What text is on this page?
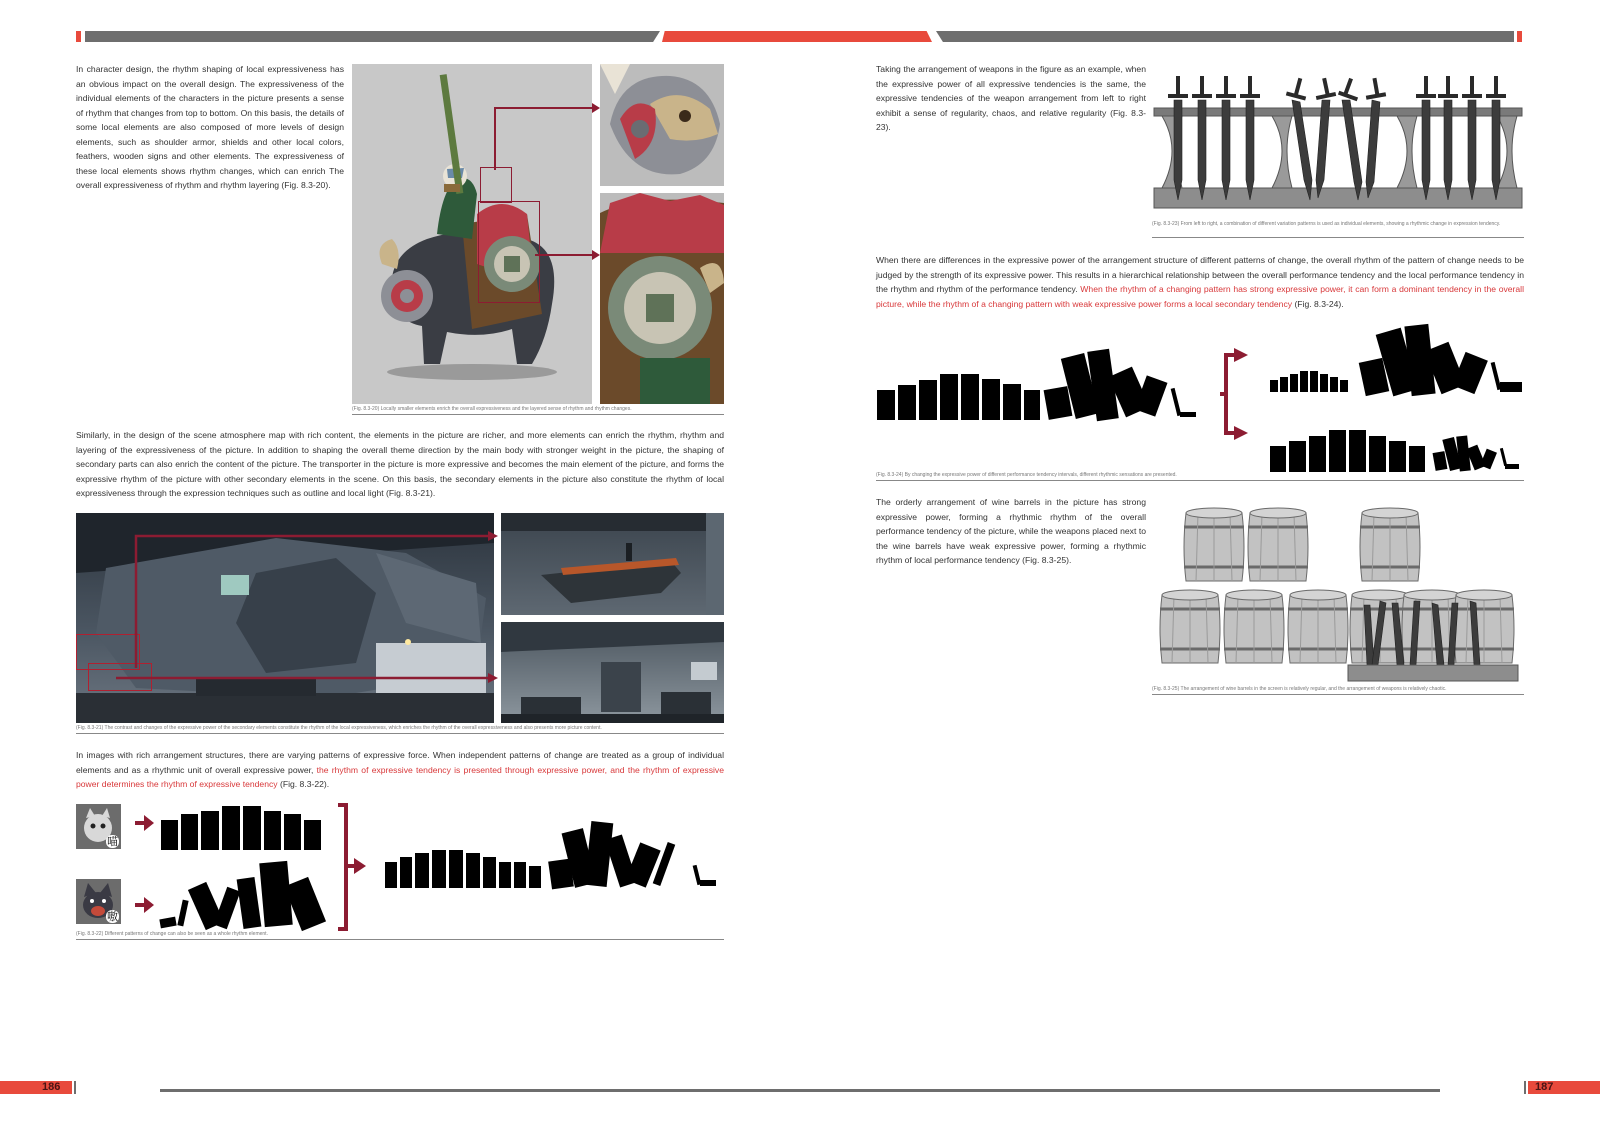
In character design, the rhythm shaping of local expressiveness has an obvious impact on the overall design. The expressiveness of the individual elements of the characters in the picture presents a sense of rhythm that changes from top to bottom. On this basis, the details of some local elements are also composed of more levels of design elements, such as shoulder armor, shields and other local colors, feathers, wooden signs and other elements. The expressiveness of these local elements shows rhythm changes, which can enrich The overall expressiveness of rhythm and rhythm layering (Fig. 8.3-20).
(Fig. 8.3-20) Locally smaller elements enrich the overall expressiveness and the layered sense of rhythm and rhythm changes.
Similarly, in the design of the scene atmosphere map with rich content, the elements in the picture are richer, and more elements can enrich the rhythm, rhythm and layering of the expressiveness of the picture. In addition to shaping the overall theme direction by the main body with stronger weight in the picture, the shaping of secondary parts can also enrich the content of the picture. The transporter in the picture is more expressive and becomes the main element of the picture, and forms the expressive rhythm of the picture with other secondary elements in the scene. On this basis, the secondary elements in the picture also constitute the rhythm of local expressiveness through the expression techniques such as outline and local light (Fig. 8.3-21).
(Fig. 8.3-21) The contrast and changes of the expressive power of the secondary elements constitute the rhythm of the local expressiveness, which enriches the rhythm of the overall expressiveness and also presents more picture content.
In images with rich arrangement structures, there are varying patterns of expressive force. When independent patterns of change are treated as a group of individual elements and as a rhythmic unit of overall expressive power, the rhythm of expressive tendency is presented through expressive power, and the rhythm of expressive power determines the rhythm of expressive tendency (Fig. 8.3-22).
喵
嗷
(Fig. 8.3-22) Different patterns of change can also be seen as a whole rhythm element.
Taking the arrangement of weapons in the figure as an example, when the expressive power of all expressive tendencies is the same, the expressive tendencies of the weapon arrangement from left to right exhibit a sense of regularity, chaos, and relative regularity (Fig. 8.3-23).
(Fig. 8.3-23) From left to right, a combination of different variation patterns is used as individual elements, showing a rhythmic change in expression tendency.
When there are differences in the expressive power of the arrangement structure of different patterns of change, the overall rhythm of the pattern of change needs to be judged by the strength of its expressive power. This results in a hierarchical relationship between the overall performance tendency and the local performance tendency in the rhythm and rhythm of the performance tendency. When the rhythm of a changing pattern has strong expressive power, it can form a dominant tendency in the overall picture, while the rhythm of a changing pattern with weak expressive power forms a local secondary tendency (Fig. 8.3-24).
(Fig. 8.3-24) By changing the expressive power of different performance tendency intervals, different rhythmic sensations are presented.
The orderly arrangement of wine barrels in the picture has strong expressive power, forming a rhythmic rhythm of the overall performance tendency of the picture, while the weapons placed next to the wine barrels have weak expressive power, forming a rhythmic rhythm of local performance tendency (Fig. 8.3-25).
(Fig. 8.3-25) The arrangement of wine barrels in the screen is relatively regular, and the arrangement of weapons is relatively chaotic.
186	187
